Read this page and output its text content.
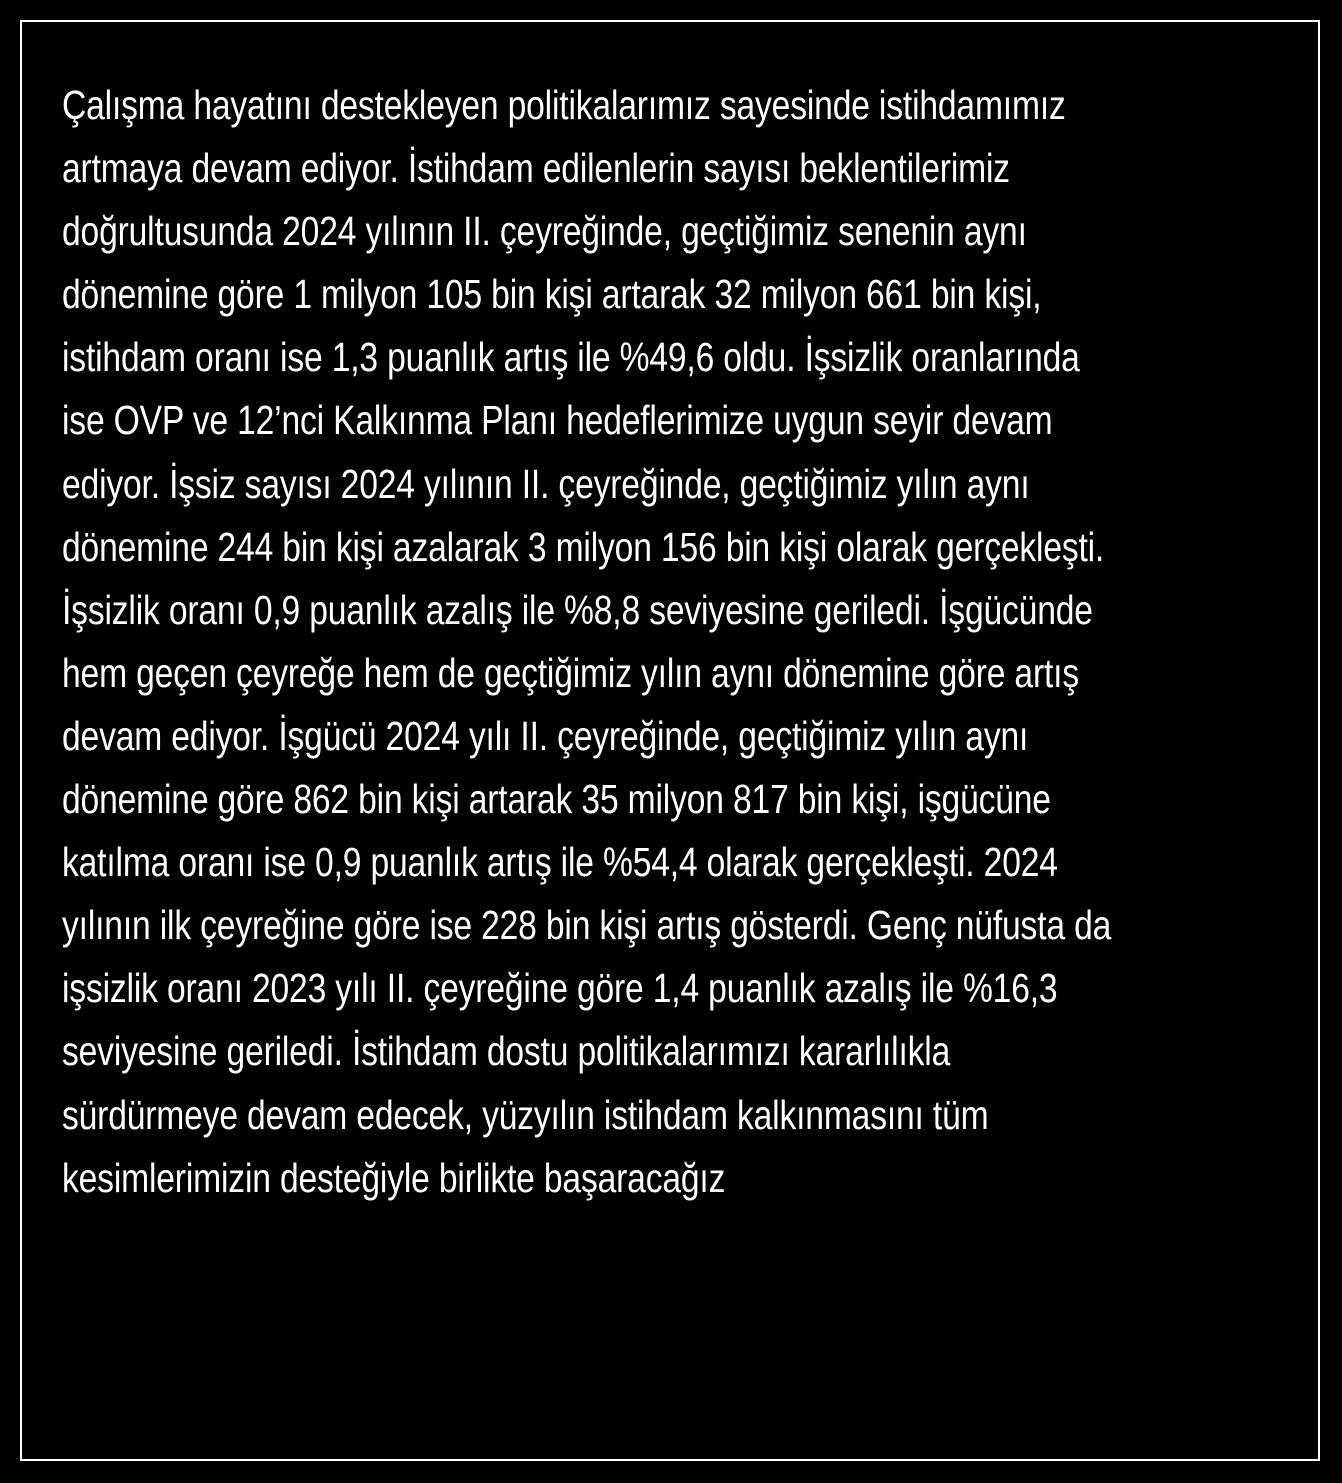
Çalışma hayatını destekleyen politikalarımız sayesinde istihdamımız
artmaya devam ediyor. İstihdam edilenlerin sayısı beklentilerimiz
doğrultusunda 2024 yılının II. çeyreğinde, geçtiğimiz senenin aynı
dönemine göre 1 milyon 105 bin kişi artarak 32 milyon 661 bin kişi,
istihdam oranı ise 1,3 puanlık artış ile %49,6 oldu. İşsizlik oranlarında
ise OVP ve 12’nci Kalkınma Planı hedeflerimize uygun seyir devam
ediyor. İşsiz sayısı 2024 yılının II. çeyreğinde, geçtiğimiz yılın aynı
dönemine 244 bin kişi azalarak 3 milyon 156 bin kişi olarak gerçekleşti.
İşsizlik oranı 0,9 puanlık azalış ile %8,8 seviyesine geriledi. İşgücünde
hem geçen çeyreğe hem de geçtiğimiz yılın aynı dönemine göre artış
devam ediyor. İşgücü 2024 yılı II. çeyreğinde, geçtiğimiz yılın aynı
dönemine göre 862 bin kişi artarak 35 milyon 817 bin kişi, işgücüne
katılma oranı ise 0,9 puanlık artış ile %54,4 olarak gerçekleşti. 2024
yılının ilk çeyreğine göre ise 228 bin kişi artış gösterdi. Genç nüfusta da
işsizlik oranı 2023 yılı II. çeyreğine göre 1,4 puanlık azalış ile %16,3
seviyesine geriledi. İstihdam dostu politikalarımızı kararlılıkla
sürdürmeye devam edecek, yüzyılın istihdam kalkınmasını tüm
kesimlerimizin desteğiyle birlikte başaracağız
